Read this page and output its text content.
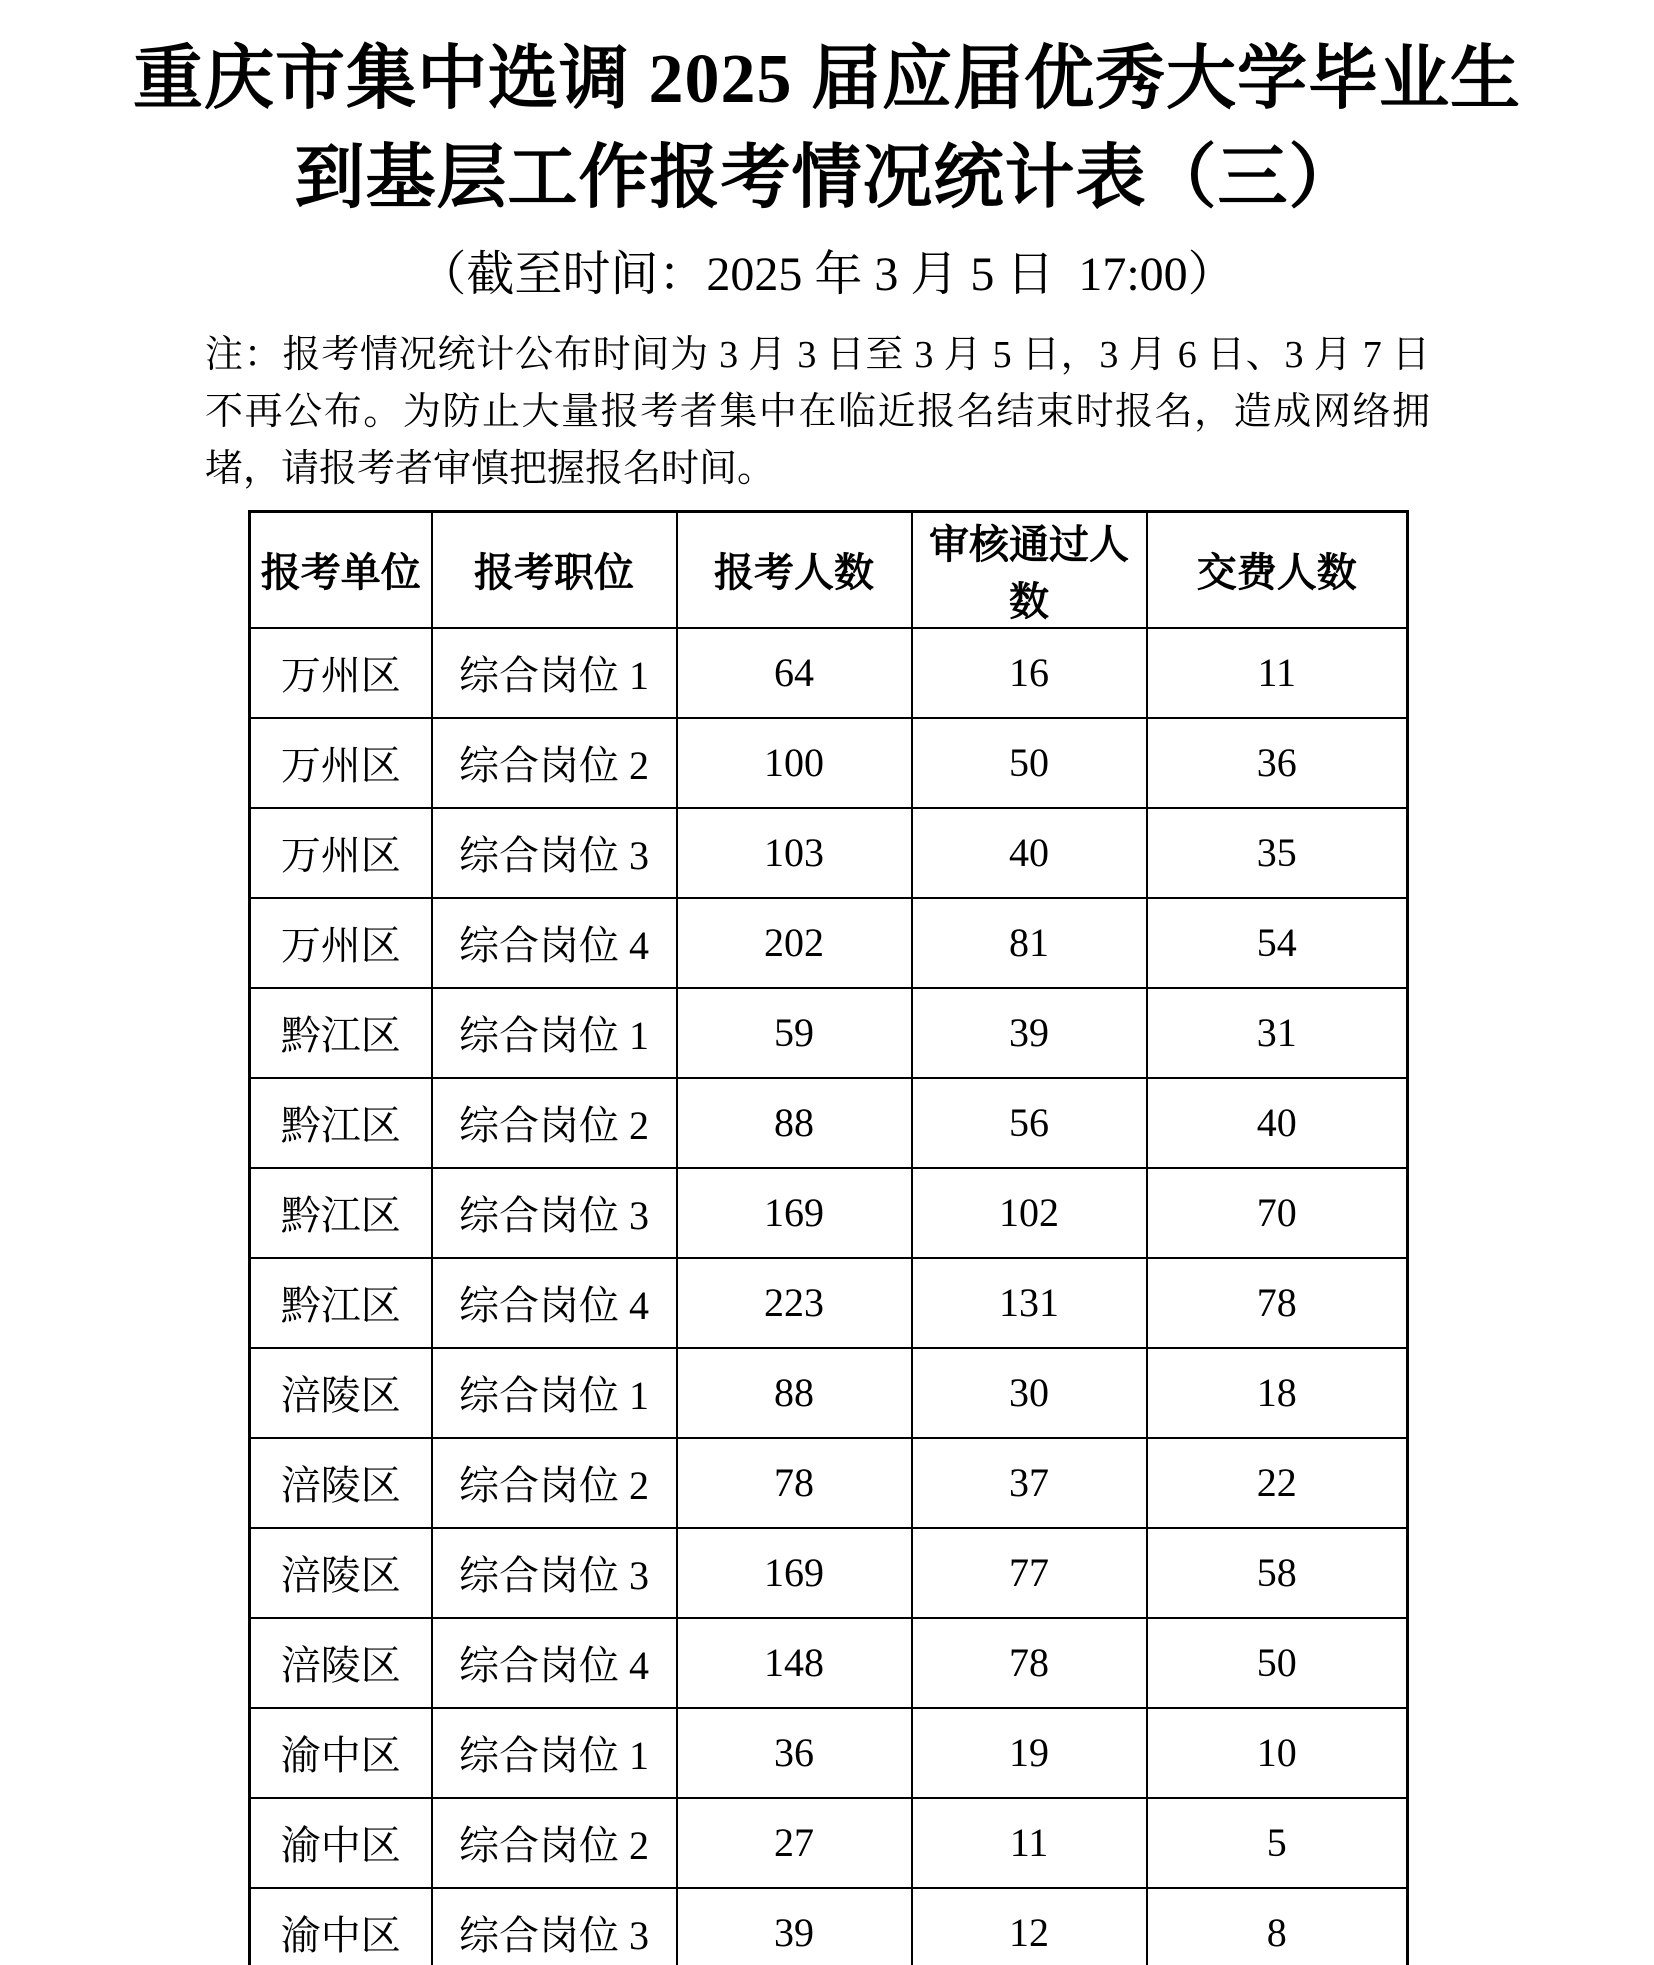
重庆市集中选调 2025 届应届优秀大学毕业生
到基层工作报考情况统计表（三）
（截至时间：2025 年 3 月 5 日  17:00）

注：报考情况统计公布时间为 3 月 3 日至 3 月 5 日，3 月 6 日、3 月 7 日不再公布。为防止大量报考者集中在临近报名结束时报名，造成网络拥堵，请报考者审慎把握报名时间。

报考单位	报考职位	报考人数	审核通过人数	交费人数
万州区	综合岗位 1	64	16	11
万州区	综合岗位 2	100	50	36
万州区	综合岗位 3	103	40	35
万州区	综合岗位 4	202	81	54
黔江区	综合岗位 1	59	39	31
黔江区	综合岗位 2	88	56	40
黔江区	综合岗位 3	169	102	70
黔江区	综合岗位 4	223	131	78
涪陵区	综合岗位 1	88	30	18
涪陵区	综合岗位 2	78	37	22
涪陵区	综合岗位 3	169	77	58
涪陵区	综合岗位 4	148	78	50
渝中区	综合岗位 1	36	19	10
渝中区	综合岗位 2	27	11	5
渝中区	综合岗位 3	39	12	8
